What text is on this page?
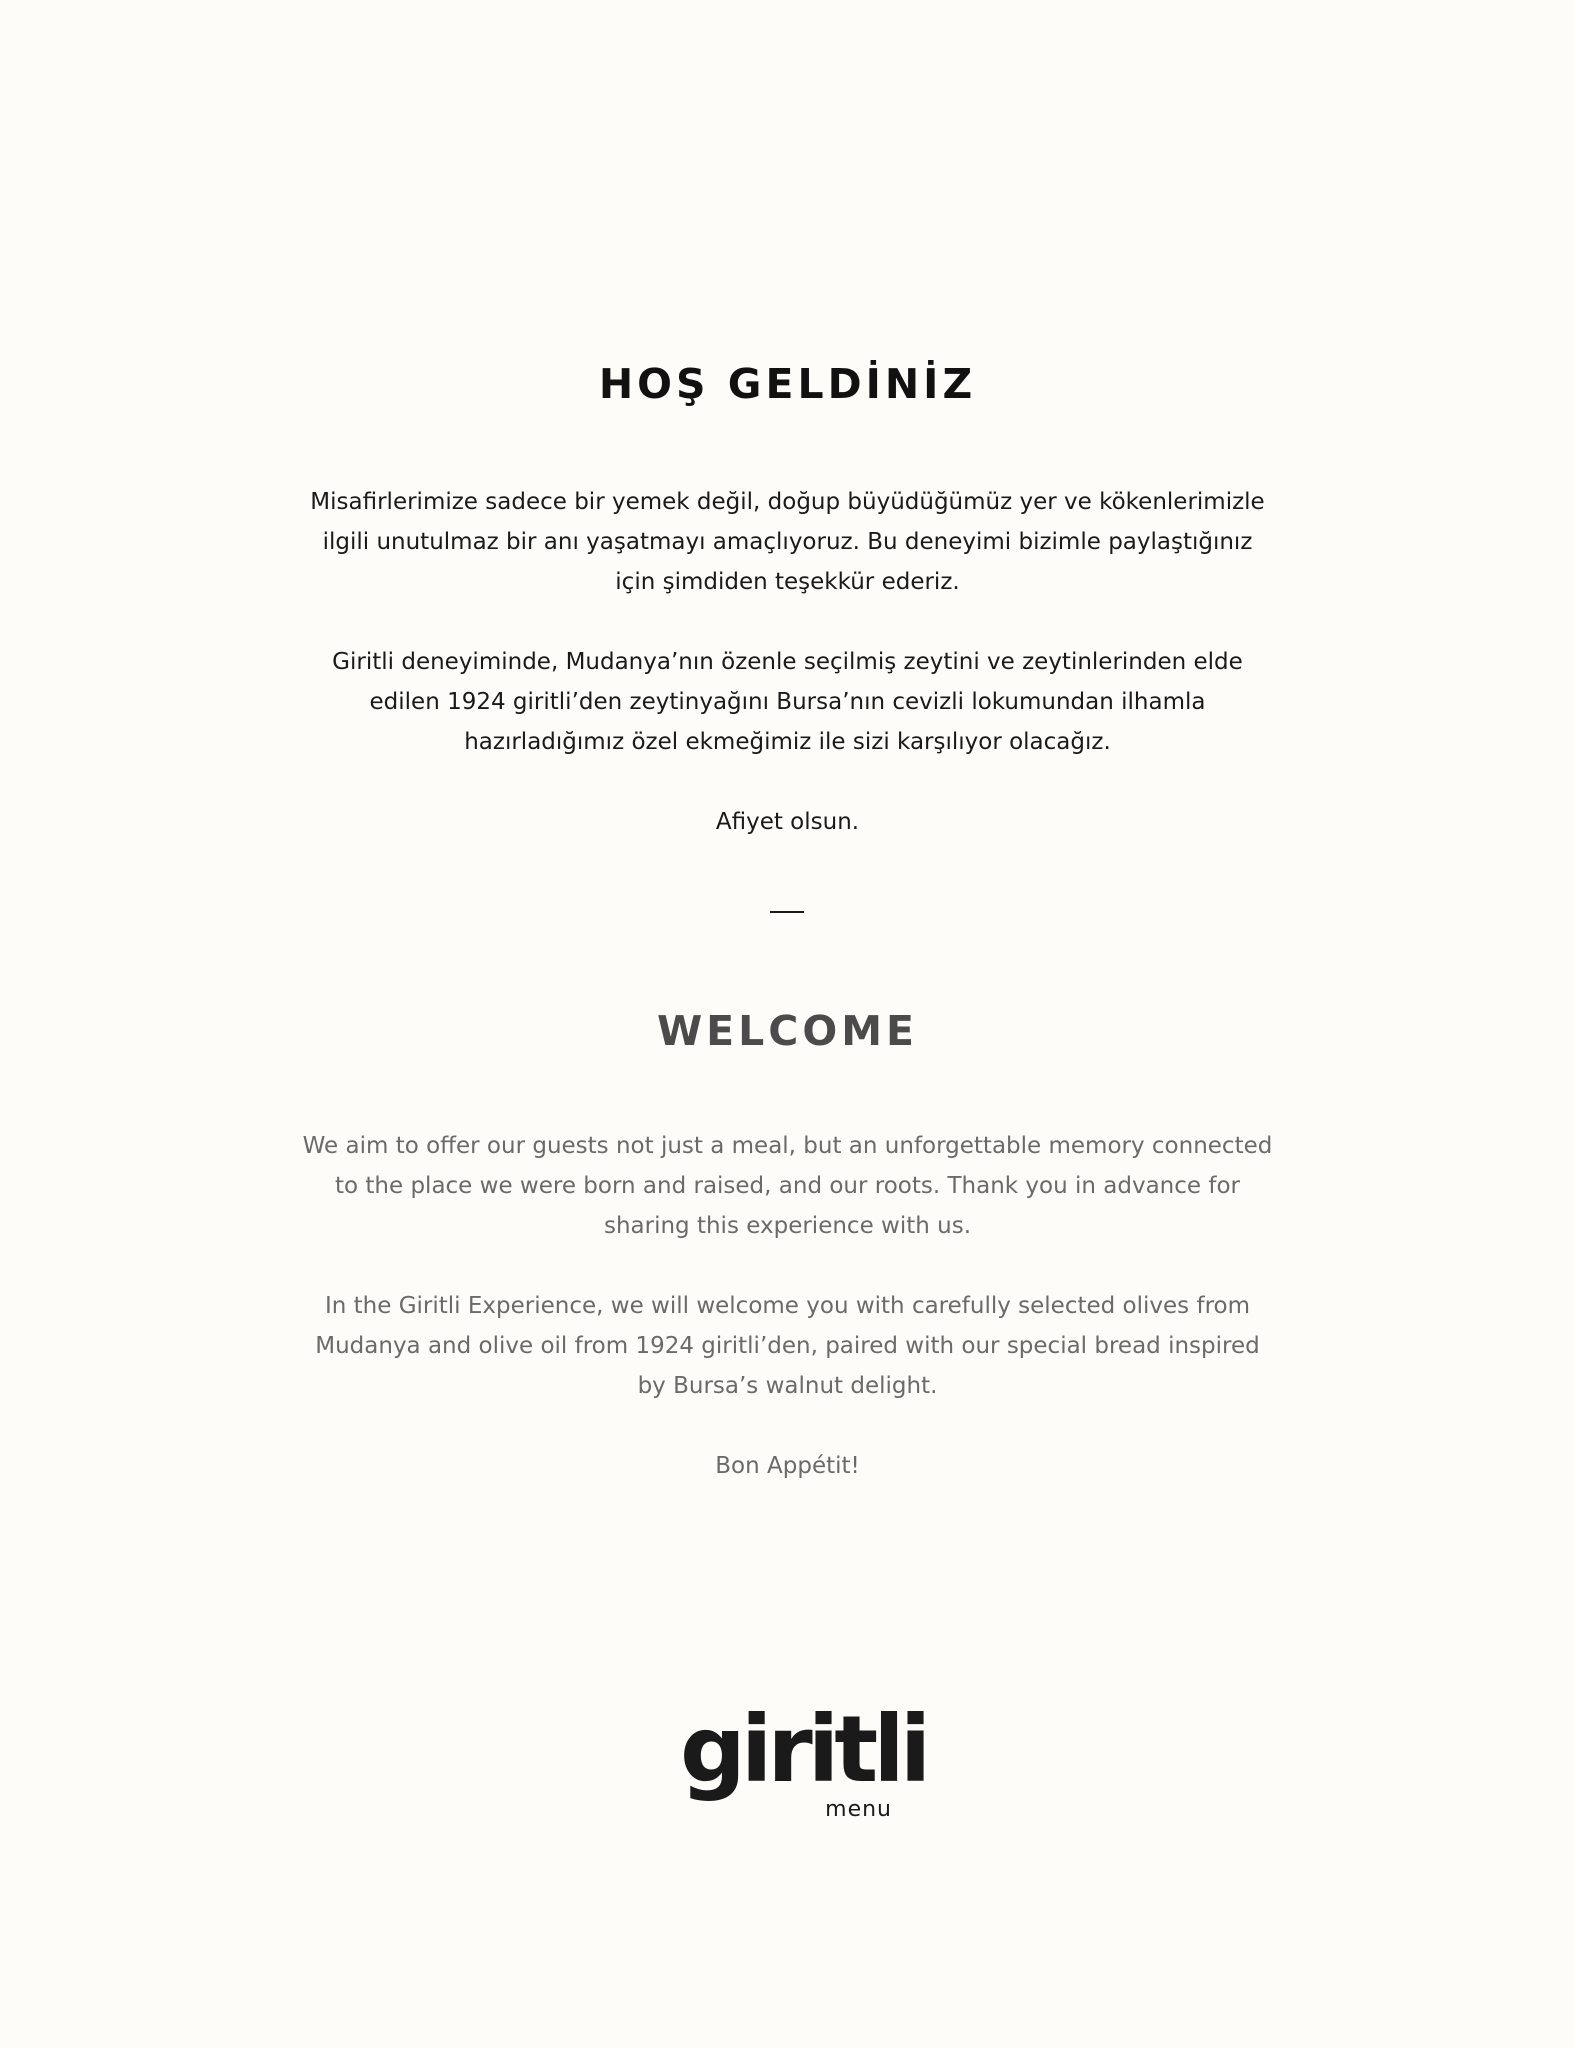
HOŞ GELDİNİZ

Misafirlerimize sadece bir yemek değil, doğup büyüdüğümüz yer ve kökenlerimizle ilgili unutulmaz bir anı yaşatmayı amaçlıyoruz. Bu deneyimi bizimle paylaştığınız için şimdiden teşekkür ederiz.

Giritli deneyiminde, Mudanya’nın özenle seçilmiş zeytini ve zeytinlerinden elde edilen 1924 giritli’den zeytinyağını Bursa’nın cevizli lokumundan ilhamla hazırladığımız özel ekmeğimiz ile sizi karşılıyor olacağız.

Afiyet olsun.

WELCOME

We aim to offer our guests not just a meal, but an unforgettable memory connected to the place we were born and raised, and our roots. Thank you in advance for sharing this experience with us.

In the Giritli Experience, we will welcome you with carefully selected olives from Mudanya and olive oil from 1924 giritli’den, paired with our special bread inspired by Bursa’s walnut delight.

Bon Appétit!

giritli
menu
